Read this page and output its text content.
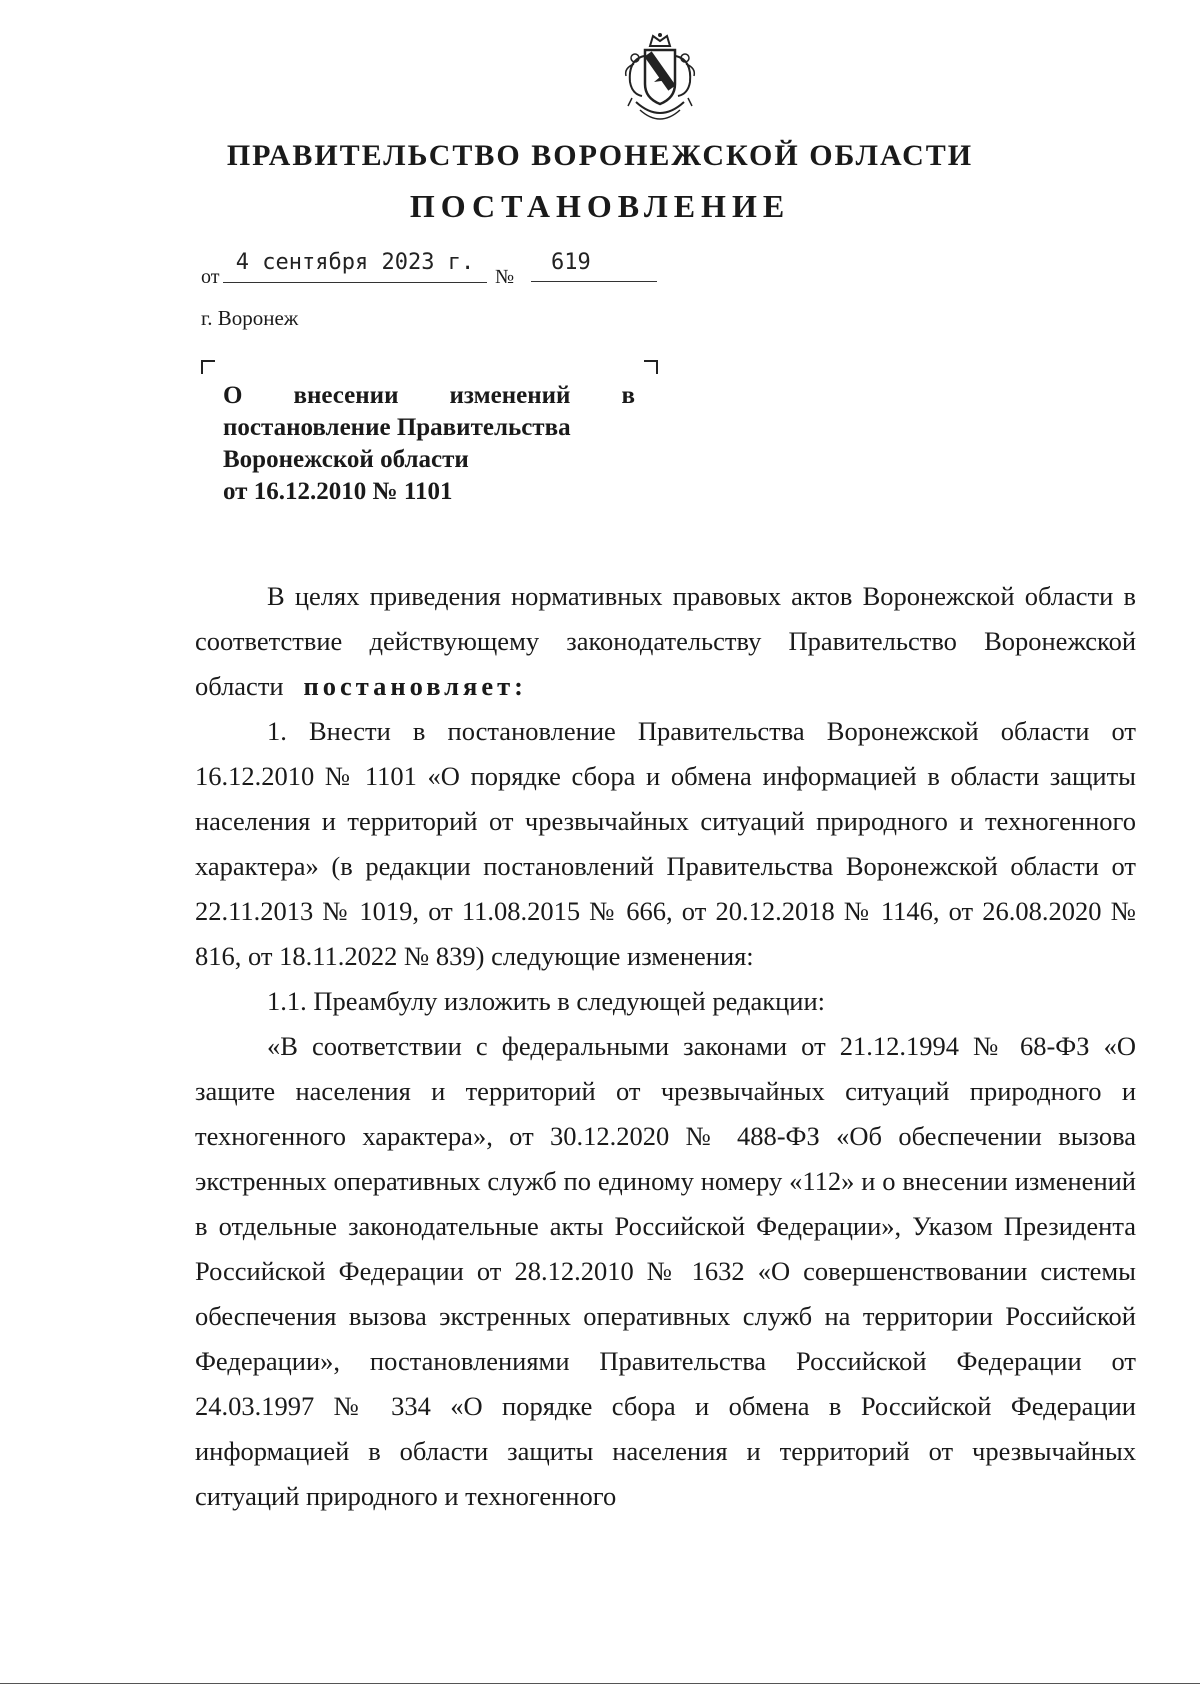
ПРАВИТЕЛЬСТВО ВОРОНЕЖСКОЙ ОБЛАСТИ
ПОСТАНОВЛЕНИЕ
от
4 сентября 2023 г.
№
619
г. Воронеж
О внесении изменений в
постановление Правительства
Воронежской области
от 16.12.2010 № 1101

В целях приведения нормативных правовых актов Воронежской области в соответствие действующему законодательству Правительство Воронежской области постановляет:

1. Внести в постановление Правительства Воронежской области от 16.12.2010 № 1101 «О порядке сбора и обмена информацией в области защиты населения и территорий от чрезвычайных ситуаций природного и техногенного характера» (в редакции постановлений Правительства Воронежской области от 22.11.2013 № 1019, от 11.08.2015 № 666, от 20.12.2018 № 1146, от 26.08.2020 № 816, от 18.11.2022 № 839) следующие изменения:

1.1. Преамбулу изложить в следующей редакции:

«В соответствии с федеральными законами от 21.12.1994 № 68-ФЗ «О защите населения и территорий от чрезвычайных ситуаций природного и техногенного характера», от 30.12.2020 № 488-ФЗ «Об обеспечении вызова экстренных оперативных служб по единому номеру «112» и о внесении изменений в отдельные законодательные акты Российской Федерации», Указом Президента Российской Федерации от 28.12.2010 № 1632 «О совершенствовании системы обеспечения вызова экстренных оперативных служб на территории Российской Федерации», постановлениями Правительства Российской Федерации от 24.03.1997 № 334 «О порядке сбора и обмена в Российской Федерации информацией в области защиты населения и территорий от чрезвычайных ситуаций природного и техногенного
